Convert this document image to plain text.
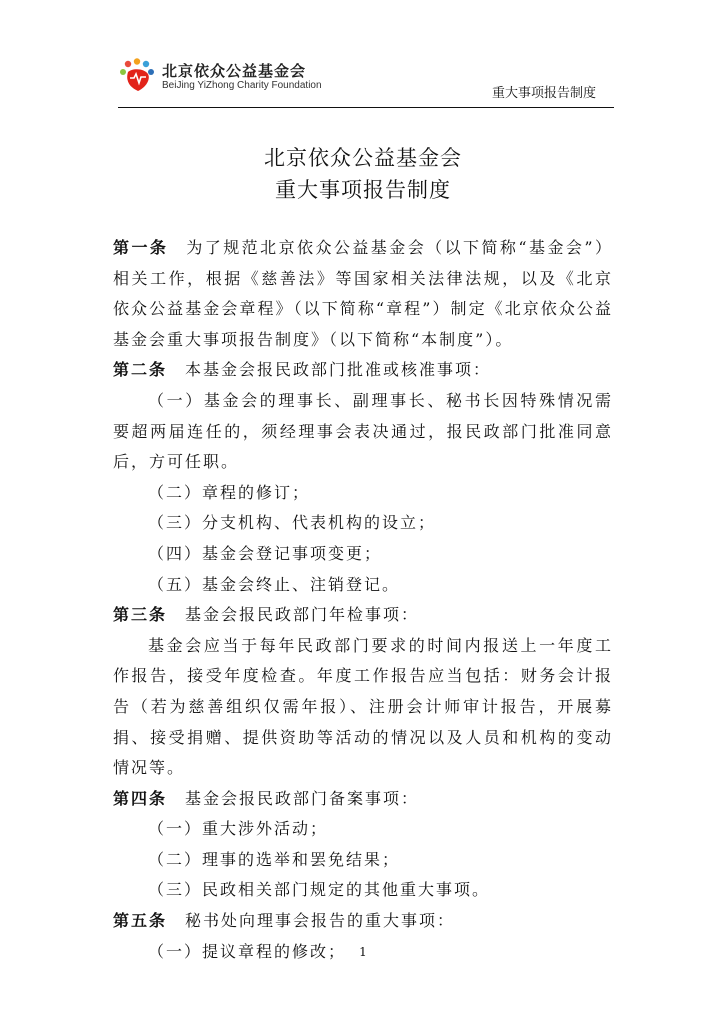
北京依众公益基金会
BeiJing YiZhong Charity Foundation
重大事项报告制度
北京依众公益基金会
重大事项报告制度

第一条 为了规范北京依众公益基金会（以下简称“基金会”）相关工作，根据《慈善法》等国家相关法律法规，以及《北京依众公益基金会章程》（以下简称“章程”）制定《北京依众公益基金会重大事项报告制度》（以下简称“本制度”）。

第二条 本基金会报民政部门批准或核准事项：

（一）基金会的理事长、副理事长、秘书长因特殊情况需要超两届连任的，须经理事会表决通过，报民政部门批准同意后，方可任职。

（二）章程的修订；

（三）分支机构、代表机构的设立；

（四）基金会登记事项变更；

（五）基金会终止、注销登记。

第三条 基金会报民政部门年检事项：

基金会应当于每年民政部门要求的时间内报送上一年度工作报告，接受年度检查。年度工作报告应当包括：财务会计报告（若为慈善组织仅需年报）、注册会计师审计报告，开展募捐、接受捐赠、提供资助等活动的情况以及人员和机构的变动情况等。

第四条 基金会报民政部门备案事项：

（一）重大涉外活动；

（二）理事的选举和罢免结果；

（三）民政相关部门规定的其他重大事项。

第五条 秘书处向理事会报告的重大事项：

（一）提议章程的修改；	1
